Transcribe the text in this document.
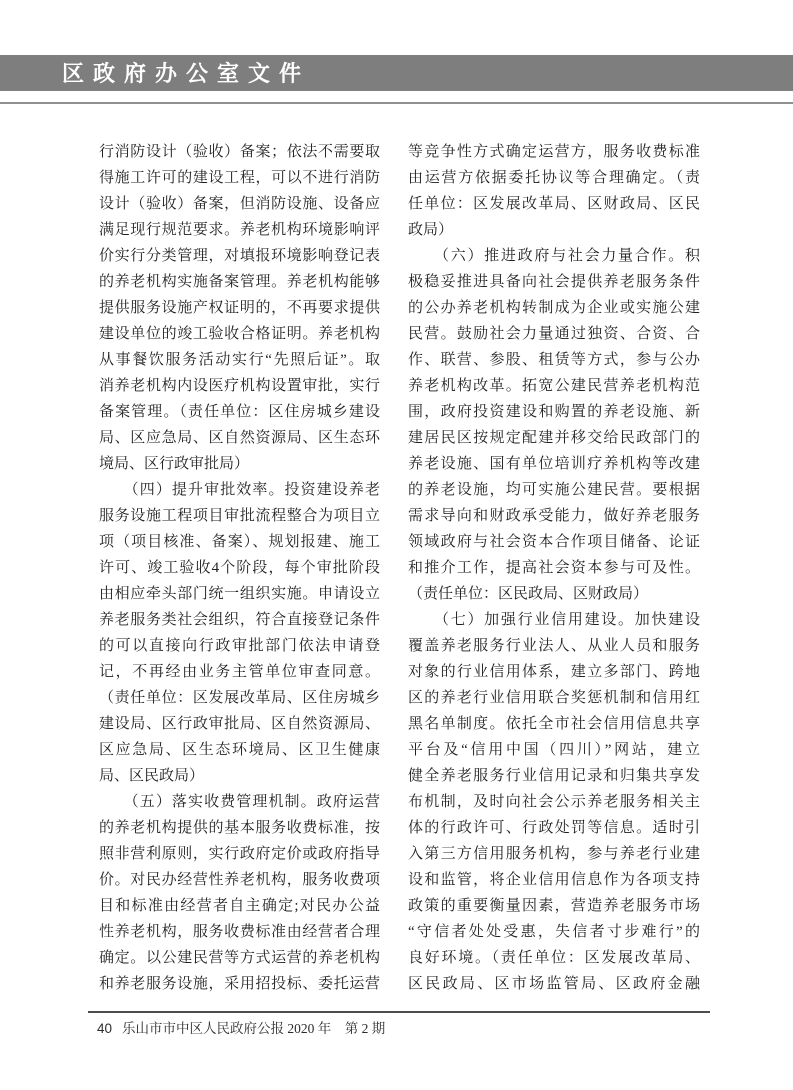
区政府办公室文件
行消防设计（验收）备案；依法不需要取
得施工许可的建设工程，可以不进行消防
设计（验收）备案，但消防设施、设备应
满足现行规范要求。养老机构环境影响评
价实行分类管理，对填报环境影响登记表
的养老机构实施备案管理。养老机构能够
提供服务设施产权证明的，不再要求提供
建设单位的竣工验收合格证明。养老机构
从事餐饮服务活动实行“先照后证”。取
消养老机构内设医疗机构设置审批，实行
备案管理。（责任单位：区住房城乡建设
局、区应急局、区自然资源局、区生态环
境局、区行政审批局）
　　（四）提升审批效率。投资建设养老
服务设施工程项目审批流程整合为项目立
项（项目核准、备案）、规划报建、施工
许可、竣工验收4个阶段，每个审批阶段
由相应牵头部门统一组织实施。申请设立
养老服务类社会组织，符合直接登记条件
的可以直接向行政审批部门依法申请登
记，不再经由业务主管单位审查同意。
（责任单位：区发展改革局、区住房城乡
建设局、区行政审批局、区自然资源局、
区应急局、区生态环境局、区卫生健康
局、区民政局）
　　（五）落实收费管理机制。政府运营
的养老机构提供的基本服务收费标准，按
照非营利原则，实行政府定价或政府指导
价。对民办经营性养老机构，服务收费项
目和标准由经营者自主确定;对民办公益
性养老机构，服务收费标准由经营者合理
确定。以公建民营等方式运营的养老机构
和养老服务设施，采用招投标、委托运营
等竞争性方式确定运营方，服务收费标准
由运营方依据委托协议等合理确定。（责
任单位：区发展改革局、区财政局、区民
政局）
　　（六）推进政府与社会力量合作。积
极稳妥推进具备向社会提供养老服务条件
的公办养老机构转制成为企业或实施公建
民营。鼓励社会力量通过独资、合资、合
作、联营、参股、租赁等方式，参与公办
养老机构改革。拓宽公建民营养老机构范
围，政府投资建设和购置的养老设施、新
建居民区按规定配建并移交给民政部门的
养老设施、国有单位培训疗养机构等改建
的养老设施，均可实施公建民营。要根据
需求导向和财政承受能力，做好养老服务
领域政府与社会资本合作项目储备、论证
和推介工作，提高社会资本参与可及性。
（责任单位：区民政局、区财政局）
　　（七）加强行业信用建设。加快建设
覆盖养老服务行业法人、从业人员和服务
对象的行业信用体系，建立多部门、跨地
区的养老行业信用联合奖惩机制和信用红
黑名单制度。依托全市社会信用信息共享
平台及“信用中国（四川）”网站，建立
健全养老服务行业信用记录和归集共享发
布机制，及时向社会公示养老服务相关主
体的行政许可、行政处罚等信息。适时引
入第三方信用服务机构，参与养老行业建
设和监管，将企业信用信息作为各项支持
政策的重要衡量因素，营造养老服务市场
“守信者处处受惠，失信者寸步难行”的
良好环境。（责任单位：区发展改革局、
区民政局、区市场监管局、区政府金融
40 乐山市市中区人民政府公报 2020 年　第 2 期
